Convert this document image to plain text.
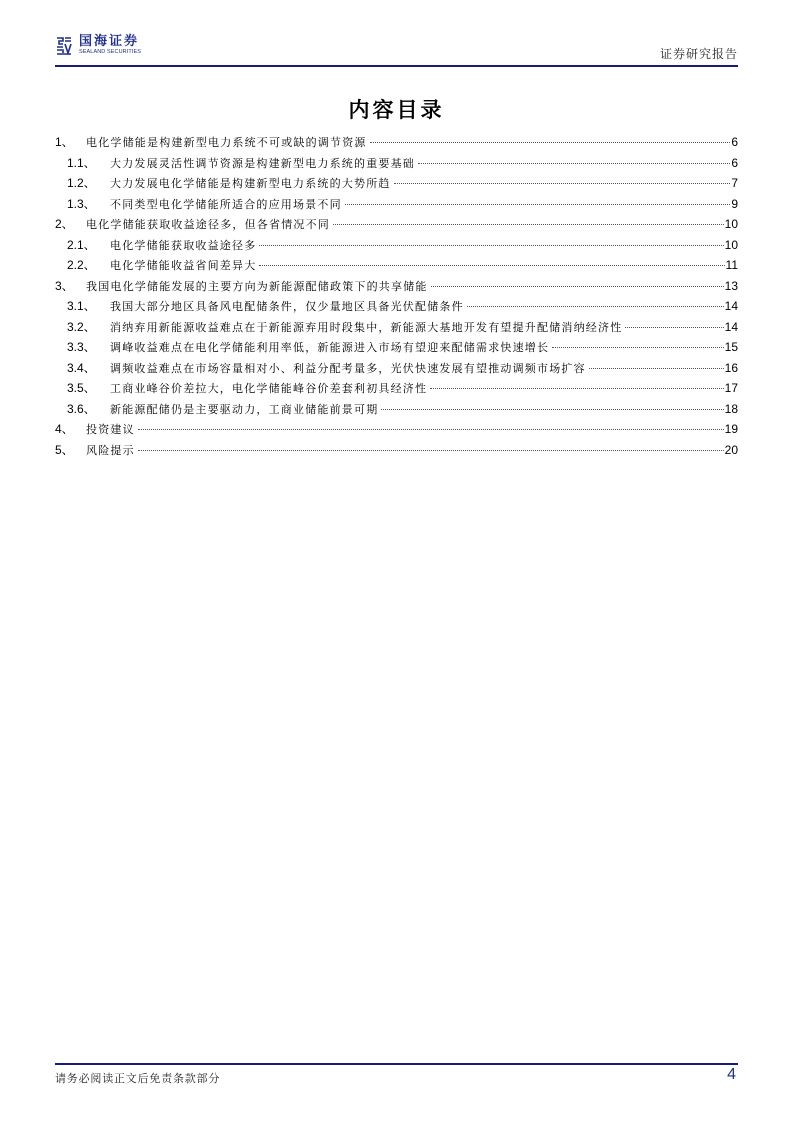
国海证券
SEALAND SECURITIES	证券研究报告
内容目录
1、	电化学储能是构建新型电力系统不可或缺的调节资源	6
1.1、	大力发展灵活性调节资源是构建新型电力系统的重要基础	6
1.2、	大力发展电化学储能是构建新型电力系统的大势所趋	7
1.3、	不同类型电化学储能所适合的应用场景不同	9
2、	电化学储能获取收益途径多，但各省情况不同	10
2.1、	电化学储能获取收益途径多	10
2.2、	电化学储能收益省间差异大	11
3、	我国电化学储能发展的主要方向为新能源配储政策下的共享储能	13
3.1、	我国大部分地区具备风电配储条件，仅少量地区具备光伏配储条件	14
3.2、	消纳弃用新能源收益难点在于新能源弃用时段集中，新能源大基地开发有望提升配储消纳经济性	14
3.3、	调峰收益难点在电化学储能利用率低，新能源进入市场有望迎来配储需求快速增长	15
3.4、	调频收益难点在市场容量相对小、利益分配考量多，光伏快速发展有望推动调频市场扩容	16
3.5、	工商业峰谷价差拉大，电化学储能峰谷价差套利初具经济性	17
3.6、	新能源配储仍是主要驱动力，工商业储能前景可期	18
4、	投资建议	19
5、	风险提示	20
请务必阅读正文后免责条款部分	4
